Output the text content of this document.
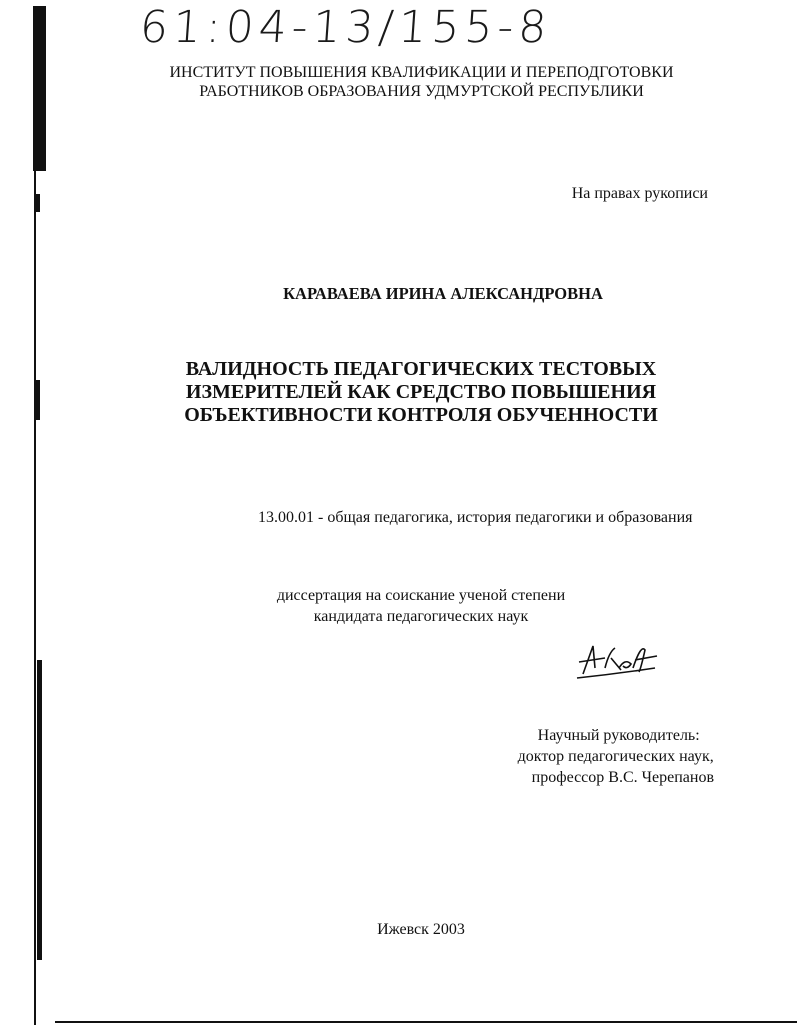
61:04-13/155-8
ИНСТИТУТ ПОВЫШЕНИЯ КВАЛИФИКАЦИИ И ПЕРЕПОДГОТОВКИ
РАБОТНИКОВ ОБРАЗОВАНИЯ УДМУРТСКОЙ РЕСПУБЛИКИ
На правах рукописи
КАРАВАЕВА ИРИНА АЛЕКСАНДРОВНА
ВАЛИДНОСТЬ ПЕДАГОГИЧЕСКИХ ТЕСТОВЫХ
ИЗМЕРИТЕЛЕЙ КАК СРЕДСТВО ПОВЫШЕНИЯ
ОБЪЕКТИВНОСТИ КОНТРОЛЯ ОБУЧЕННОСТИ
13.00.01 - общая педагогика, история педагогики и образования
диссертация на соискание ученой степени
кандидата педагогических наук
Научный руководитель:
доктор педагогических наук,
профессор В.С. Черепанов
Ижевск 2003
